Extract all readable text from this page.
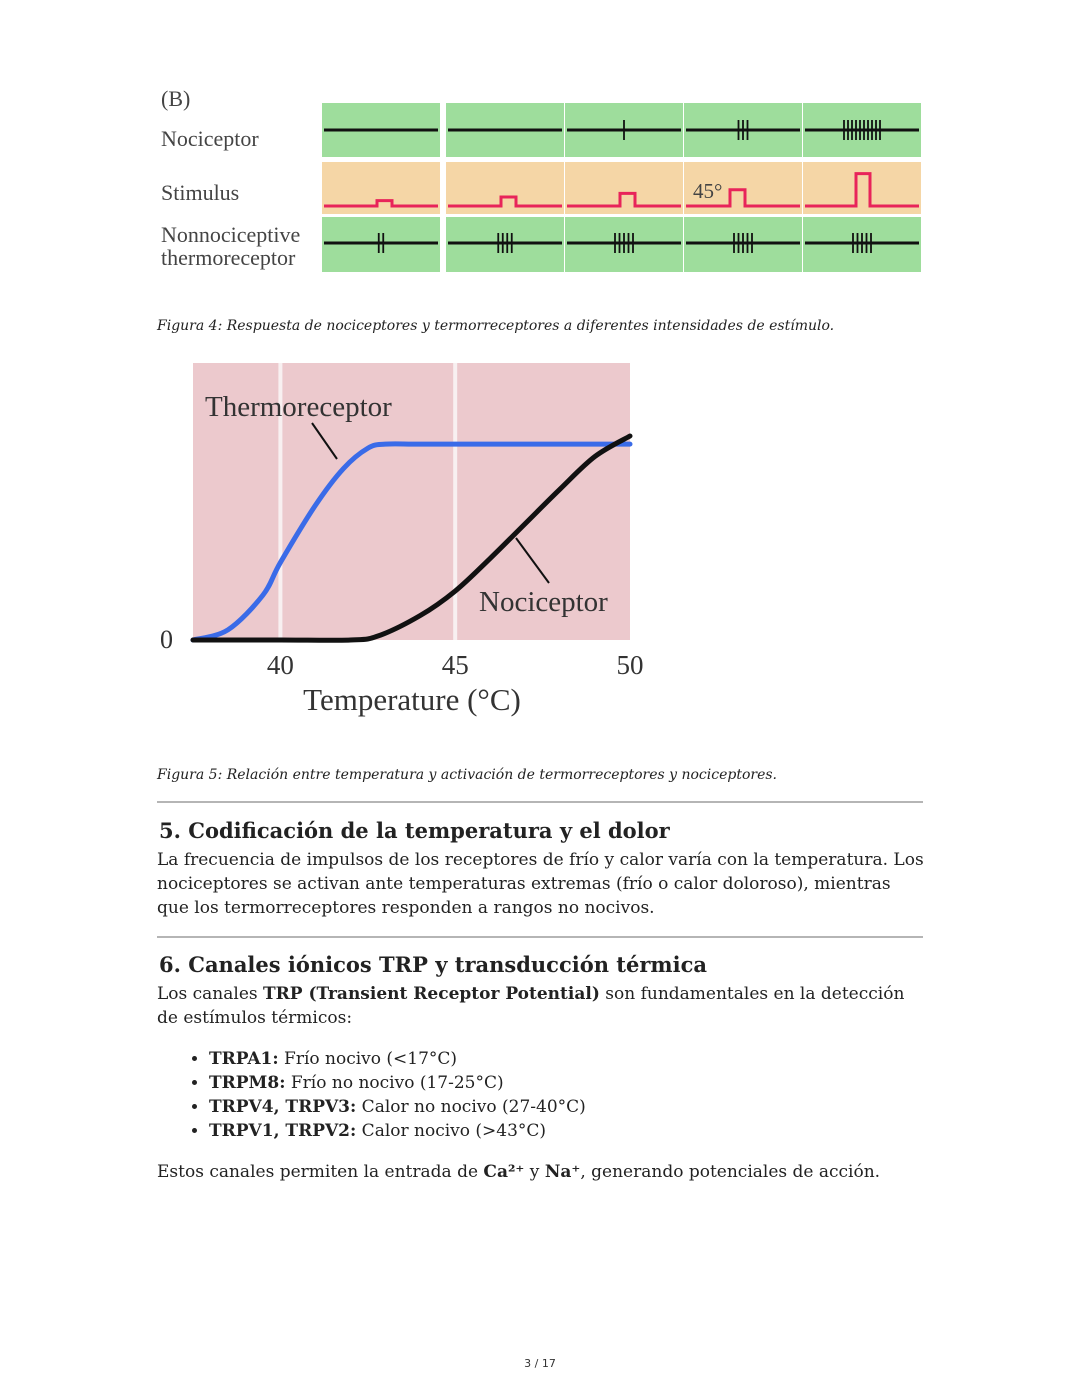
(B)
Nociceptor
Stimulus
Nonnociceptive
thermoreceptor
45°
Figura 4: Respuesta de nociceptores y termorreceptores a diferentes intensidades de estímulo.
Thermoreceptor
Nociceptor
0
40	45	50
Temperature (°C)
Figura 5: Relación entre temperatura y activación de termorreceptores y nociceptores.
5. Codificación de la temperatura y el dolor

La frecuencia de impulsos de los receptores de frío y calor varía con la temperatura. Los nociceptores se activan ante temperaturas extremas (frío o calor doloroso), mientras que los termorreceptores responden a rangos no nocivos.

6. Canales iónicos TRP y transducción térmica

Los canales TRP (Transient Receptor Potential) son fundamentales en la detección de estímulos térmicos:

• TRPA1: Frío nocivo (<17°C)
• TRPM8: Frío no nocivo (17-25°C)
• TRPV4, TRPV3: Calor no nocivo (27-40°C)
• TRPV1, TRPV2: Calor nocivo (>43°C)

Estos canales permiten la entrada de Ca²⁺ y Na⁺, generando potenciales de acción.

3 / 17
